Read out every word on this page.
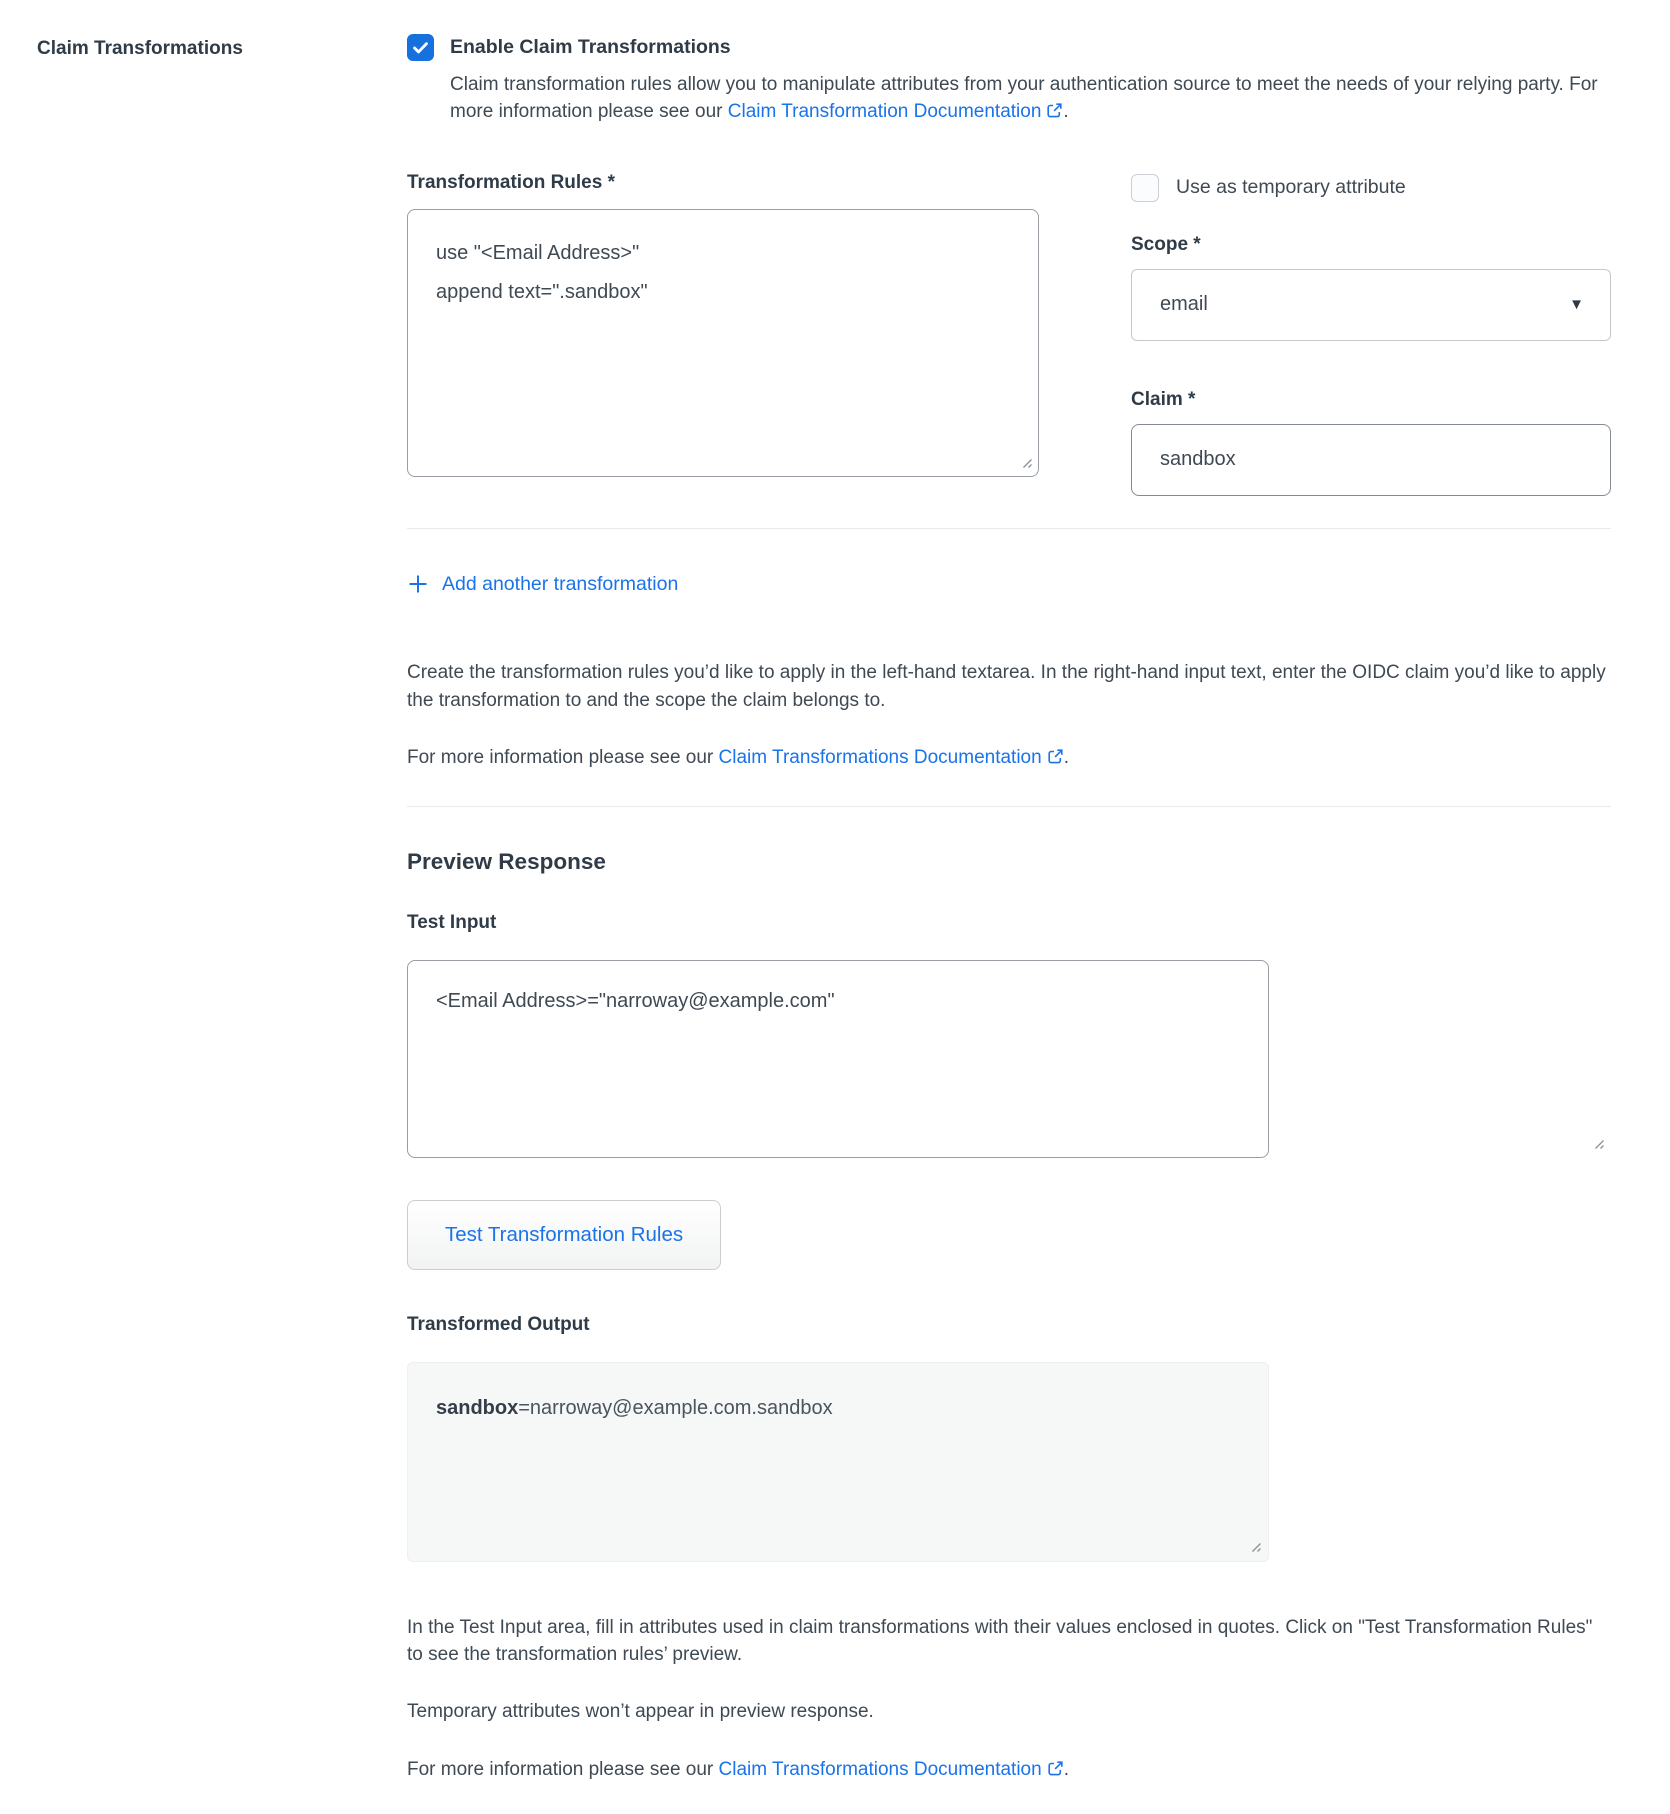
Claim Transformations	Enable Claim Transformations
Claim transformation rules allow you to manipulate attributes from your authentication source to meet the needs of your relying party. For more information please see our Claim Transformation Documentation .
Transformation Rules *
use "<Email Address>" append text=".sandbox"	Use as temporary attribute
Scope *
email	▼
Claim *
sandbox
Add another transformation

Create the transformation rules you’d like to apply in the left-hand textarea. In the right-hand input text, enter the OIDC claim you’d like to apply the transformation to and the scope the claim belongs to.

For more information please see our Claim Transformations Documentation .

Preview Response
Test Input
<Email Address>="narroway@example.com"
Test Transformation Rules
Transformed Output
sandbox=narroway@example.com.sandbox

In the Test Input area, fill in attributes used in claim transformations with their values enclosed in quotes. Click on "Test Transformation Rules" to see the transformation rules’ preview.

Temporary attributes won’t appear in preview response.

For more information please see our Claim Transformations Documentation .
